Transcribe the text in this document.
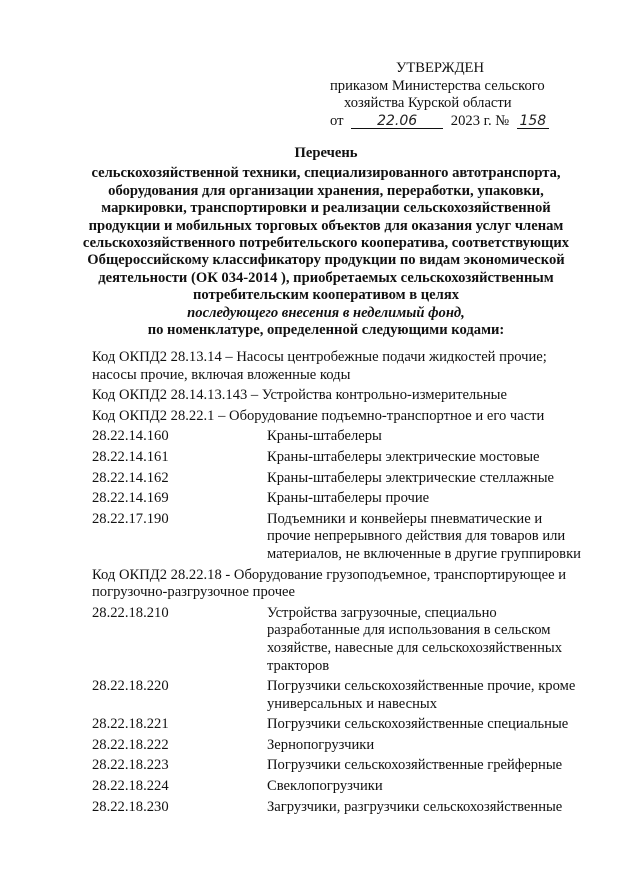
УТВЕРЖДЕН
приказом Министерства сельского
хозяйства Курской области
от 22.06 2023 г. № 158
Перечень
сельскохозяйственной техники, специализированного автотранспорта, оборудования для организации хранения, переработки, упаковки, маркировки, транспортировки и реализации сельскохозяйственной продукции и мобильных торговых объектов для оказания услуг членам сельскохозяйственного потребительского кооператива, соответствующих Общероссийскому классификатору продукции по видам экономической деятельности (ОК 034-2014 ), приобретаемых сельскохозяйственным потребительским кооперативом в целях
последующего внесения в неделимый фонд,
по номенклатуре, определенной следующими кодами:
Код ОКПД2 28.13.14 – Насосы центробежные подачи жидкостей прочие; насосы прочие, включая вложенные коды
Код ОКПД2 28.14.13.143 – Устройства контрольно-измерительные
Код ОКПД2 28.22.1 – Оборудование подъемно-транспортное и его части
28.22.14.160	Краны-штабелеры
28.22.14.161	Краны-штабелеры электрические мостовые
28.22.14.162	Краны-штабелеры электрические стеллажные
28.22.14.169	Краны-штабелеры прочие
28.22.17.190	Подъемники и конвейеры пневматические и прочие непрерывного действия для товаров или материалов, не включенные в другие группировки
Код ОКПД2 28.22.18 - Оборудование грузоподъемное, транспортирующее и погрузочно-разгрузочное прочее
28.22.18.210	Устройства загрузочные, специально разработанные для использования в сельском хозяйстве, навесные для сельскохозяйственных тракторов
28.22.18.220	Погрузчики сельскохозяйственные прочие, кроме универсальных и навесных
28.22.18.221	Погрузчики сельскохозяйственные специальные
28.22.18.222	Зернопогрузчики
28.22.18.223	Погрузчики сельскохозяйственные грейферные
28.22.18.224	Свеклопогрузчики
28.22.18.230	Загрузчики, разгрузчики сельскохозяйственные
